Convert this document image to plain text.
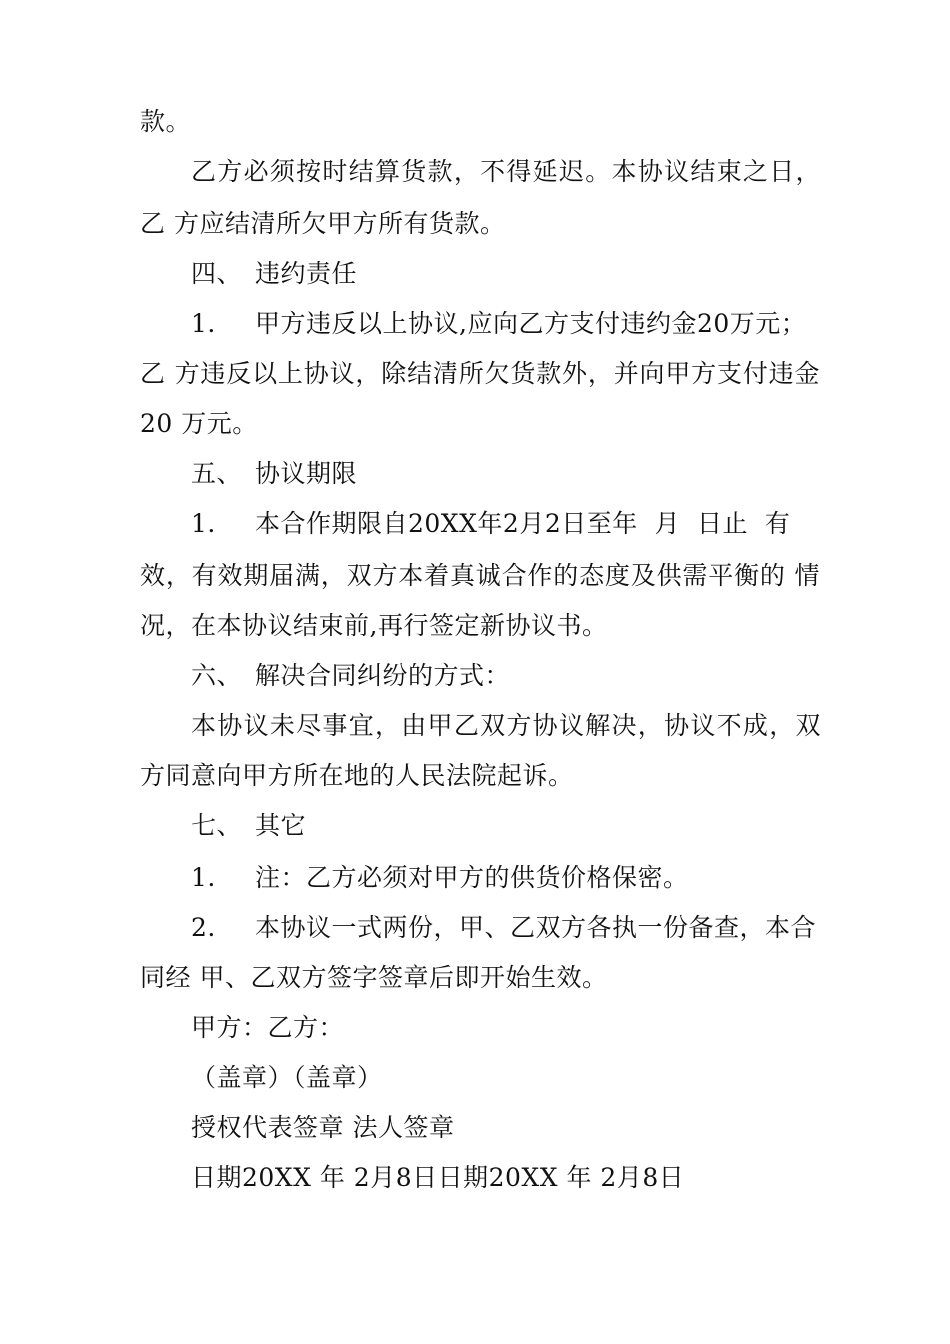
款。
乙方必须按时结算货款，不得延迟。本协议结束之日，
乙 方应结清所欠甲方所有货款。
四、 违约责任
1. 甲方违反以上协议,应向乙方支付违约金20万元；
乙 方违反以上协议，除结清所欠货款外，并向甲方支付违金
20 万元。
五、 协议期限
1. 本合作期限自20XX年2月2日至年  月  日止  有
效，有效期届满，双方本着真诚合作的态度及供需平衡的 情
况，在本协议结束前,再行签定新协议书。
六、 解决合同纠纷的方式：
本协议未尽事宜，由甲乙双方协议解决，协议不成，双
方同意向甲方所在地的人民法院起诉。
七、 其它
1. 注：乙方必须对甲方的供货价格保密。
2. 本协议一式两份，甲、乙双方各执一份备查，本合
同经 甲、乙双方签字签章后即开始生效。
甲方：乙方：
（盖章）（盖章）
授权代表签章 法人签章
日期20XX 年 2月8日日期20XX 年 2月8日
